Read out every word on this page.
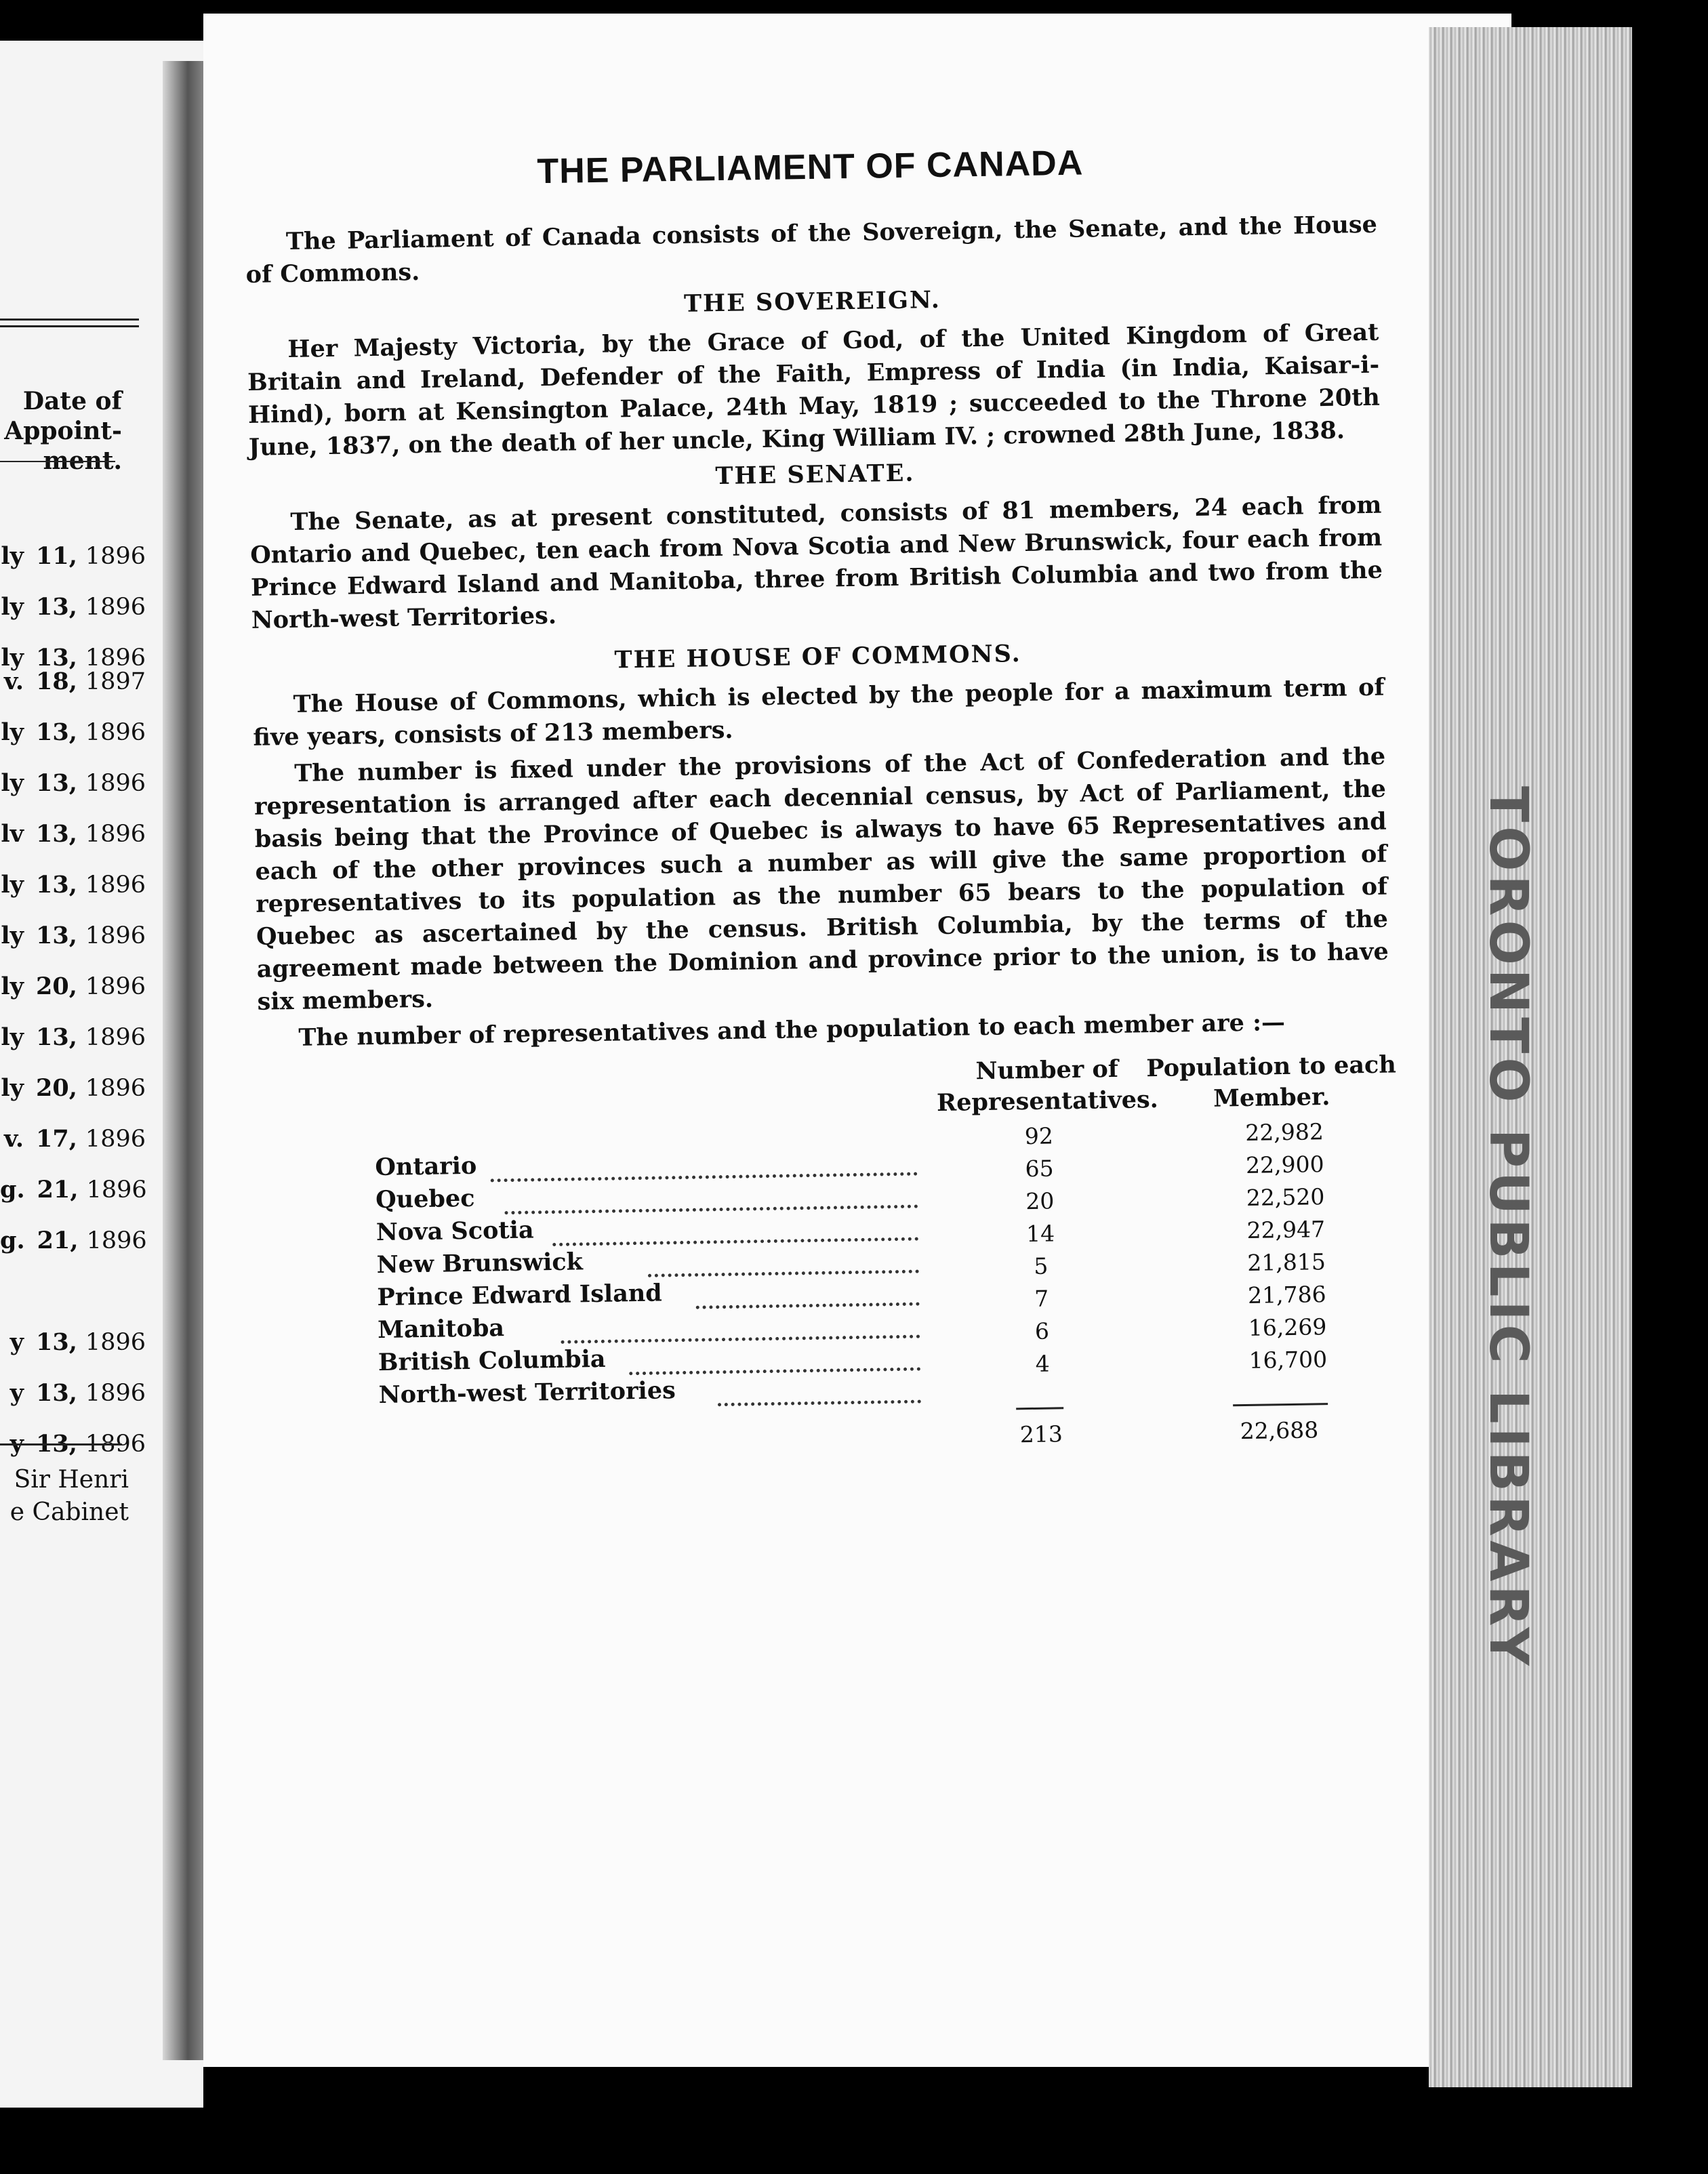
Date of
Appoint-
ment.
ly 11, 1896
ly 13, 1896
ly 13, 1896
v. 18, 1897
ly 13, 1896
ly 13, 1896
lv 13, 1896
ly 13, 1896
ly 13, 1896
ly 20, 1896
ly 13, 1896
ly 20, 1896
v. 17, 1896
g. 21, 1896
g. 21, 1896
y 13, 1896
y 13, 1896
y 13, 1896
Sir Henri
e Cabinet	TORONTO PUBLIC LIBRARY
THE PARLIAMENT OF CANADA

The Parliament of Canada consists of the Sovereign, the Senate, and the House of Commons.

THE SOVEREIGN.

Her Majesty Victoria, by the Grace of God, of the United Kingdom of Great Britain and Ireland, Defender of the Faith, Empress of India (in India, Kaisar-i-Hind), born at Kensington Palace, 24th May, 1819 ; succeeded to the Throne 20th June, 1837, on the death of her uncle, King William IV. ; crowned 28th June, 1838.

THE SENATE.

The Senate, as at present constituted, consists of 81 members, 24 each from Ontario and Quebec, ten each from Nova Scotia and New Brunswick, four each from Prince Edward Island and Manitoba, three from British Columbia and two from the North-west Territories.

THE HOUSE OF COMMONS.

The House of Commons, which is elected by the people for a maximum term of five years, consists of 213 members.

The number is fixed under the provisions of the Act of Confederation and the representation is arranged after each decennial census, by Act of Parliament, the basis being that the Province of Quebec is always to have 65 Representatives and each of the other provinces such a number as will give the same proportion of representatives to its population as the number 65 bears to the population of Quebec as ascertained by the census. British Columbia, by the terms of the agreement made between the Dominion and province prior to the union, is to have six members.

The number of representatives and the population to each member are :—

Number of
Representatives.
Population to each
Member.
Ontario
92	22,982
Quebec
65	22,900
Nova Scotia
20	22,520
New Brunswick
14	22,947
Prince Edward Island
5	21,815
Manitoba
7	21,786
British Columbia
6	16,269
North-west Territories
4	16,700
213	22,688
